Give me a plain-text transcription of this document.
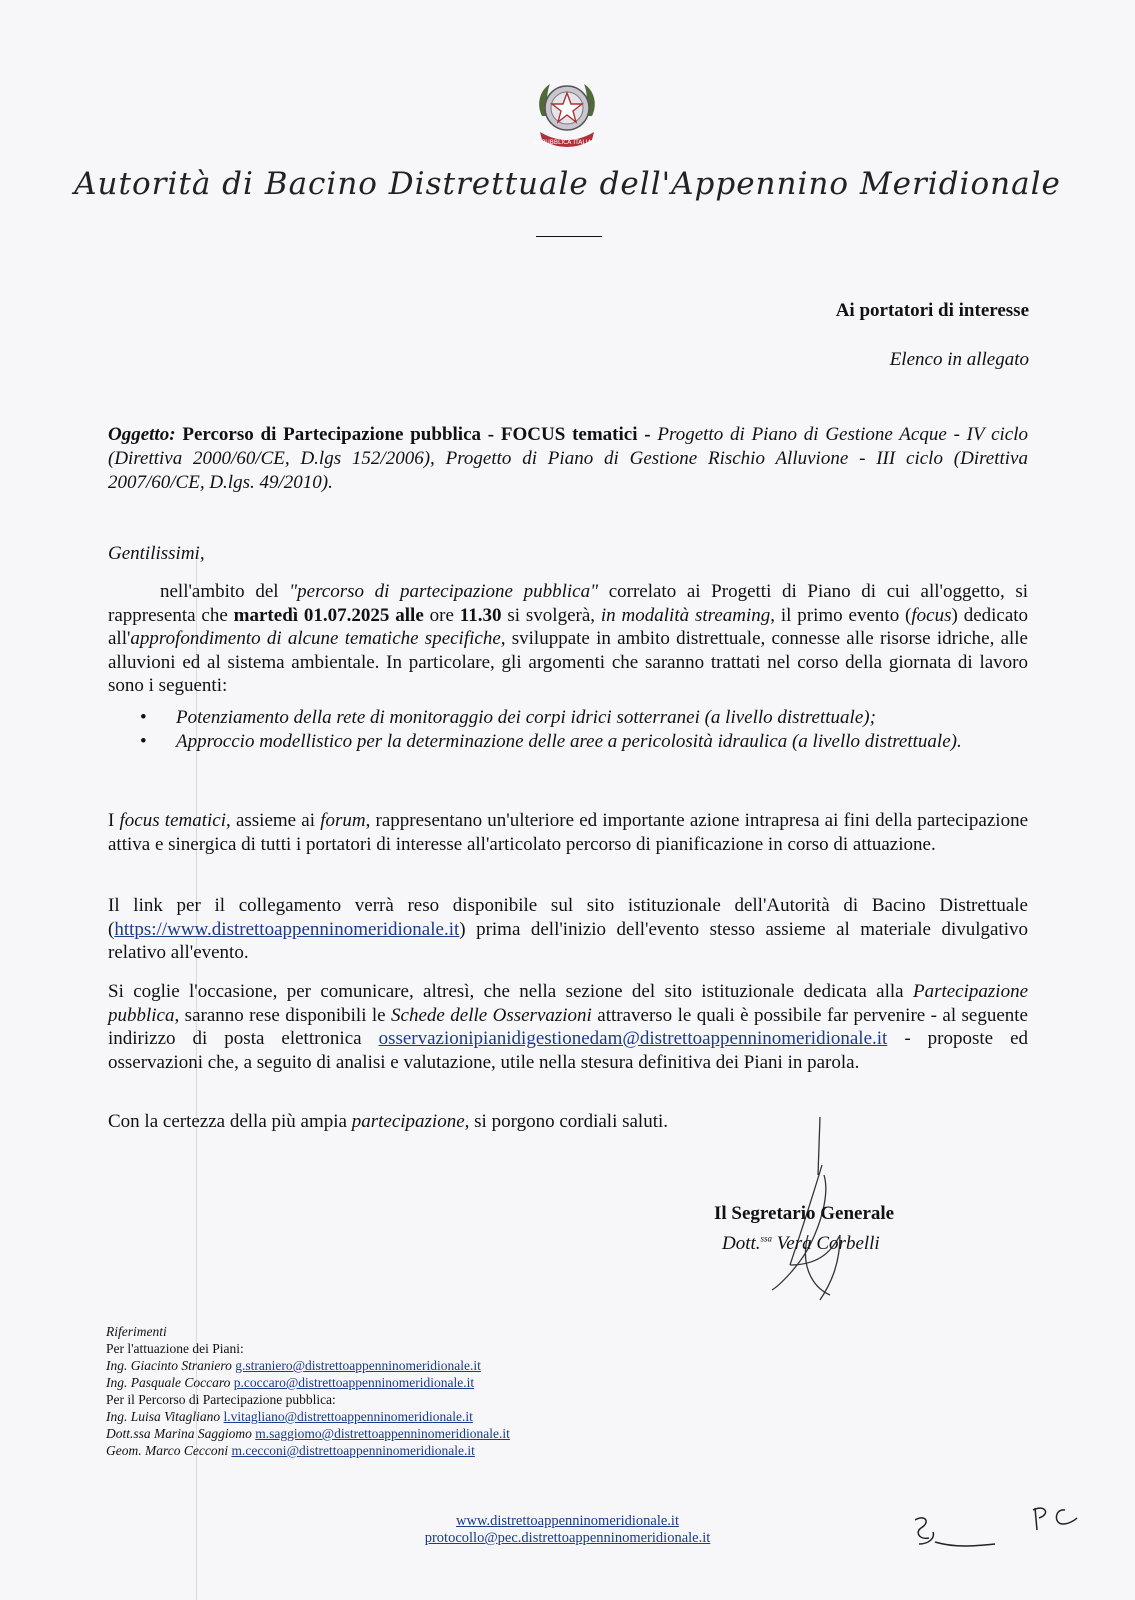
REPUBBLICA ITALIANA
Autorità di Bacino Distrettuale dell'Appennino Meridionale
Ai portatori di interesse
Elenco in allegato
Oggetto: Percorso di Partecipazione pubblica - FOCUS tematici - Progetto di Piano di Gestione Acque - IV ciclo (Direttiva 2000/60/CE, D.lgs 152/2006), Progetto di Piano di Gestione Rischio Alluvione - III ciclo (Direttiva 2007/60/CE, D.lgs. 49/2010).
Gentilissimi,
nell'ambito del "percorso di partecipazione pubblica" correlato ai Progetti di Piano di cui all'oggetto, si rappresenta che martedì 01.07.2025 alle ore 11.30 si svolgerà, in modalità streaming, il primo evento (focus) dedicato all'approfondimento di alcune tematiche specifiche, sviluppate in ambito distrettuale, connesse alle risorse idriche, alle alluvioni ed al sistema ambientale. In particolare, gli argomenti che saranno trattati nel corso della giornata di lavoro sono i seguenti:
• Potenziamento della rete di monitoraggio dei corpi idrici sotterranei (a livello distrettuale);
• Approccio modellistico per la determinazione delle aree a pericolosità idraulica (a livello distrettuale).
I focus tematici, assieme ai forum, rappresentano un'ulteriore ed importante azione intrapresa ai fini della partecipazione attiva e sinergica di tutti i portatori di interesse all'articolato percorso di pianificazione in corso di attuazione.
Il link per il collegamento verrà reso disponibile sul sito istituzionale dell'Autorità di Bacino Distrettuale (https://www.distrettoappenninomeridionale.it) prima dell'inizio dell'evento stesso assieme al materiale divulgativo relativo all'evento.
Si coglie l'occasione, per comunicare, altresì, che nella sezione del sito istituzionale dedicata alla Partecipazione pubblica, saranno rese disponibili le Schede delle Osservazioni attraverso le quali è possibile far pervenire - al seguente indirizzo di posta elettronica osservazionipianidigestionedam@distrettoappenninomeridionale.it - proposte ed osservazioni che, a seguito di analisi e valutazione, utile nella stesura definitiva dei Piani in parola.
Con la certezza della più ampia partecipazione, si porgono cordiali saluti.
Il Segretario Generale
Dott.$^{ssa}$ Vera Corbelli
Riferimenti
Per l'attuazione dei Piani:
Ing. Giacinto Straniero g.straniero@distrettoappenninomeridionale.it
Ing. Pasquale Coccaro p.coccaro@distrettoappenninomeridionale.it
Per il Percorso di Partecipazione pubblica:
Ing. Luisa Vitagliano l.vitagliano@distrettoappenninomeridionale.it
Dott.ssa Marina Saggiomo m.saggiomo@distrettoappenninomeridionale.it
Geom. Marco Cecconi m.cecconi@distrettoappenninomeridionale.it
www.distrettoappenninomeridionale.it
protocollo@pec.distrettoappenninomeridionale.it
